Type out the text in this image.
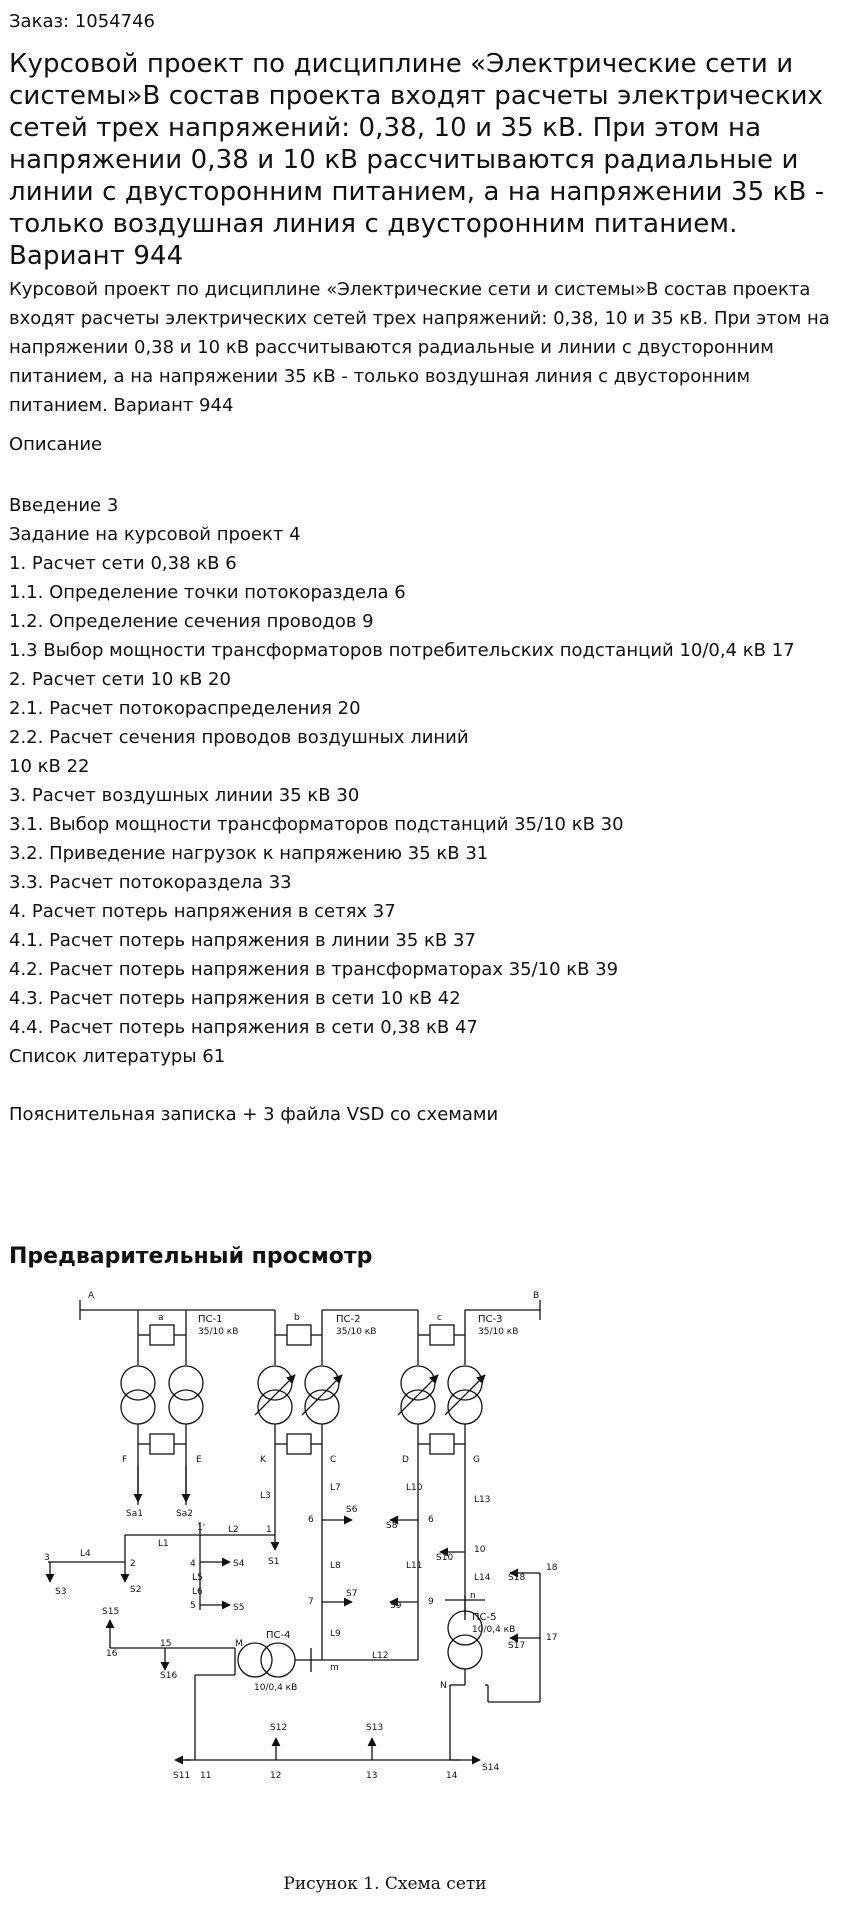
Заказ: 1054746
Курсовой проект по дисциплине «Электрические сети и системы»В состав проекта входят расчеты электрических сетей трех напряжений: 0,38, 10 и 35 кВ. При этом на напряжении 0,38 и 10 кВ рассчитываются радиальные и линии с двусторонним питанием, а на напряжении 35 кВ - только воздушная линия с двусторонним питанием. Вариант 944

Курсовой проект по дисциплине «Электрические сети и системы»В состав проекта входят расчеты электрических сетей трех напряжений: 0,38, 10 и 35 кВ. При этом на напряжении 0,38 и 10 кВ рассчитываются радиальные и линии с двусторонним питанием, а на напряжении 35 кВ - только воздушная линия с двусторонним питанием. Вариант 944

Описание

Введение 3
Задание на курсовой проект 4
1. Расчет сети 0,38 кВ 6
1.1. Определение точки потокораздела 6
1.2. Определение сечения проводов 9
1.3 Выбор мощности трансформаторов потребительских подстанций 10/0,4 кВ 17
2. Расчет сети 10 кВ 20
2.1. Расчет потокораспределения 20
2.2. Расчет сечения проводов воздушных линий
10 кВ 22
3. Расчет воздушных линии 35 кВ 30
3.1. Выбор мощности трансформаторов подстанций 35/10 кВ 30
3.2. Приведение нагрузок к напряжению 35 кВ 31
3.3. Расчет потокораздела 33
4. Расчет потерь напряжения в сетях 37
4.1. Расчет потерь напряжения в линии 35 кВ 37
4.2. Расчет потерь напряжения в трансформаторах 35/10 кВ 39
4.3. Расчет потерь напряжения в сети 10 кВ 42
4.4. Расчет потерь напряжения в сети 0,38 кВ 47
Список литературы 61

Пояснительная записка + 3 файла VSD со схемами

Предварительный просмотр
A	B
a	b	c
ПС-1	ПС-2	ПС-3
ПС-4
ПС-5
F	E	K	C	D	G
M
N
m
n
1
1'
2
3
4
5
6	6
7	9
10
11	12	13	14
15
16
17
18
Sa1	Sa2
S1
S2
S3
S4
S5
S6
S7
S8
S9
S10
S11
S12	S13
S14
S15
S16
S17
S18
L1
L2
L3
L4
L5
L6
L7
L8
L9
L10
L11
L12
L13
L14
35/10 кВ	35/10 кВ	35/10 кВ
10/0,4 кВ
10/0,4 кВ
Рисунок 1. Схема сети
